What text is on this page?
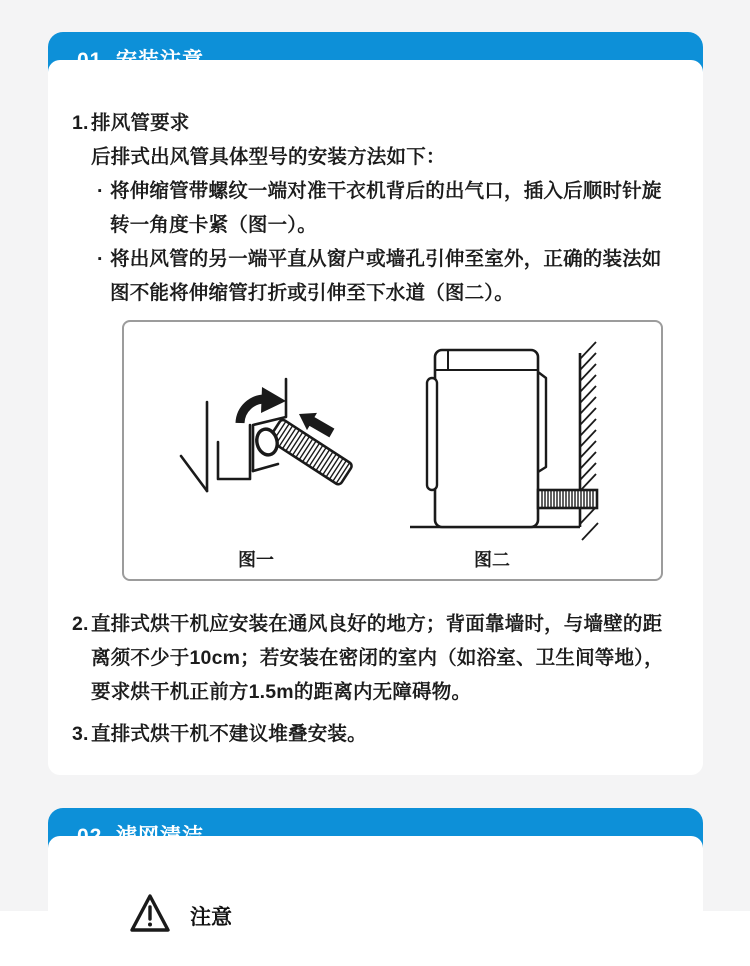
1. 排风管要求
后排式出风管具体型号的安装方法如下：
· 将伸缩管带螺纹一端对准干衣机背后的出气口，插入后顺时针旋
转一角度卡紧（图一）。
· 将出风管的另一端平直从窗户或墙孔引伸至室外，正确的装法如
图不能将伸缩管打折或引伸至下水道（图二）。
图一	图二
2. 直排式烘干机应安装在通风良好的地方；背面靠墙时，与墙壁的距
离须不少于10cm；若安装在密闭的室内（如浴室、卫生间等地），
要求烘干机正前方1.5m的距离内无障碍物。
3. 直排式烘干机不建议堆叠安装。
注意
